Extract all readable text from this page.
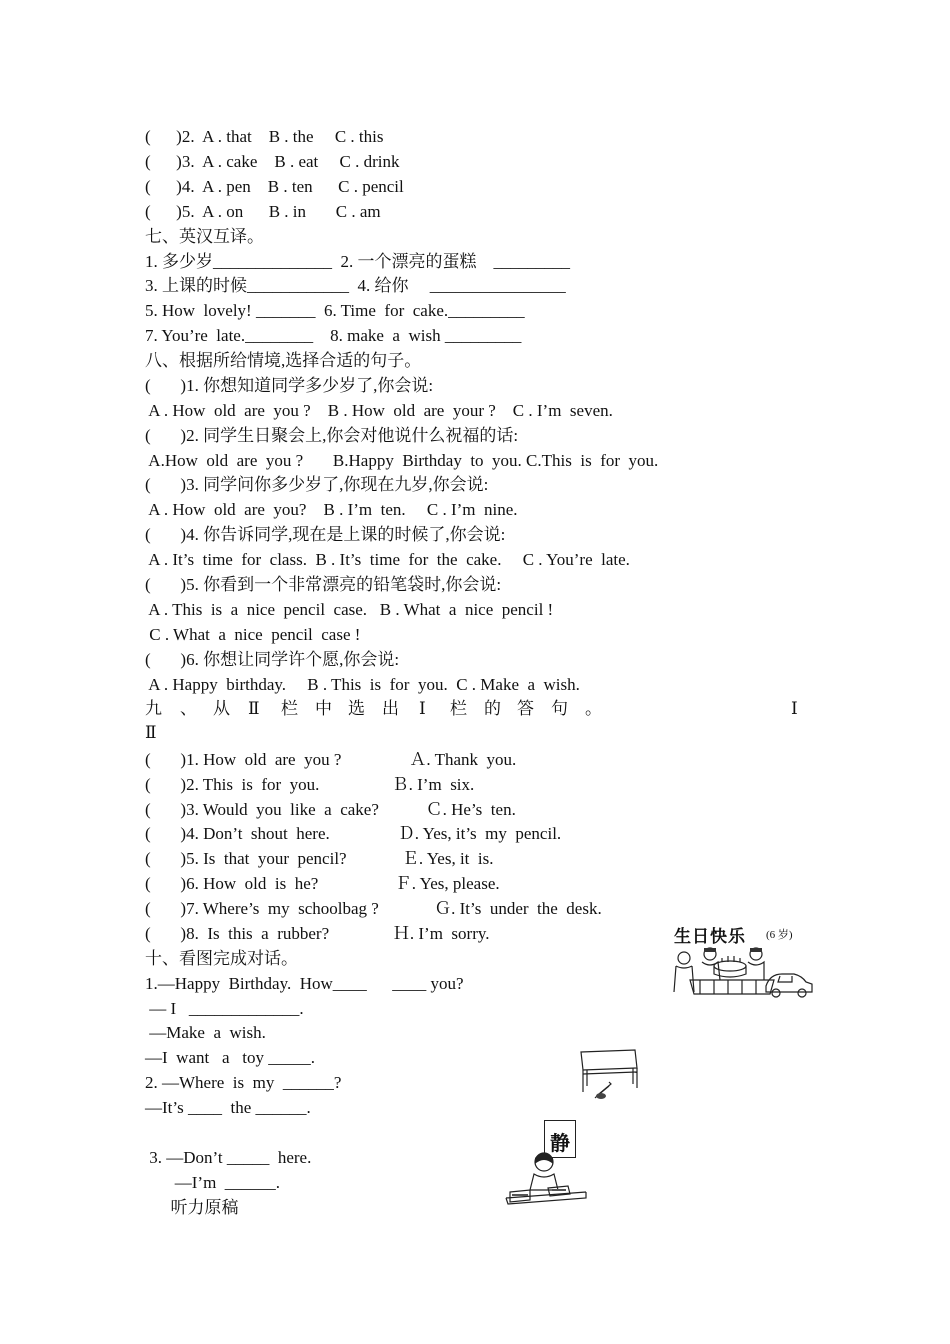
(      )2.  A . that    B . the     C . this
(      )3.  A . cake    B . eat     C . drink
(      )4.  A . pen    B . ten      C . pencil
(      )5.  A . on      B . in       C . am
七、英汉互译。
1. 多少岁______________  2. 一个漂亮的蛋糕    _________
3. 上课的时候____________  4. 给你     ________________
5. How  lovely! _______  6. Time  for  cake._________
7. You’re  late.________    8. make  a  wish _________
八、根据所给情境,选择合适的句子。
(       )1. 你想知道同学多少岁了,你会说:
A . How  old  are  you ?    B . How  old  are  your ?    C . I’m  seven.
(       )2. 同学生日聚会上,你会对他说什么祝福的话:
A.How  old  are  you ?       B.Happy  Birthday  to  you. C.This  is  for  you.
(       )3. 同学问你多少岁了,你现在九岁,你会说:
A . How  old  are  you?    B . I’m  ten.     C . I’m  nine.
(       )4. 你告诉同学,现在是上课的时候了,你会说:
A . It’s  time  for  class.  B . It’s  time  for  the  cake.     C . You’re  late.
(       )5. 你看到一个非常漂亮的铅笔袋时,你会说:
A . This  is  a  nice  pencil  case.   B . What  a  nice  pencil !
C . What  a  nice  pencil  case !
(       )6. 你想让同学许个愿,你会说:
A . Happy  birthday.     B . This  is  for  you.  C . Make  a  wish.
九 、 从 Ⅱ 栏 中 选 出 Ⅰ 栏 的 答 句 。	Ⅰ
Ⅱ
(       )1. How  old  are  you ?                Ａ. Thank  you.
(       )2. This  is  for  you.                 Ｂ. I’m  six.
(       )3. Would  you  like  a  cake?           Ｃ. He’s  ten.
(       )4. Don’t  shout  here.                Ｄ. Yes, it’s  my  pencil.
(       )5. Is  that  your  pencil?             Ｅ. Yes, it  is.
(       )6. How  old  is  he?                  Ｆ. Yes, please.
(       )7. Where’s  my  schoolbag ?             Ｇ. It’s  under  the  desk.
(       )8.  Is  this  a  rubber?               Ｈ. I’m  sorry.
十、看图完成对话。
1.—Happy  Birthday.  How____      ____ you?
— I   _____________.
—Make  a  wish.
—I  want   a   toy _____.
2. —Where  is  my  ______?
—It’s ____  the ______.
3. —Don’t _____  here.
—I’m  ______.
听力原稿
生日快乐 (6 岁)
静
